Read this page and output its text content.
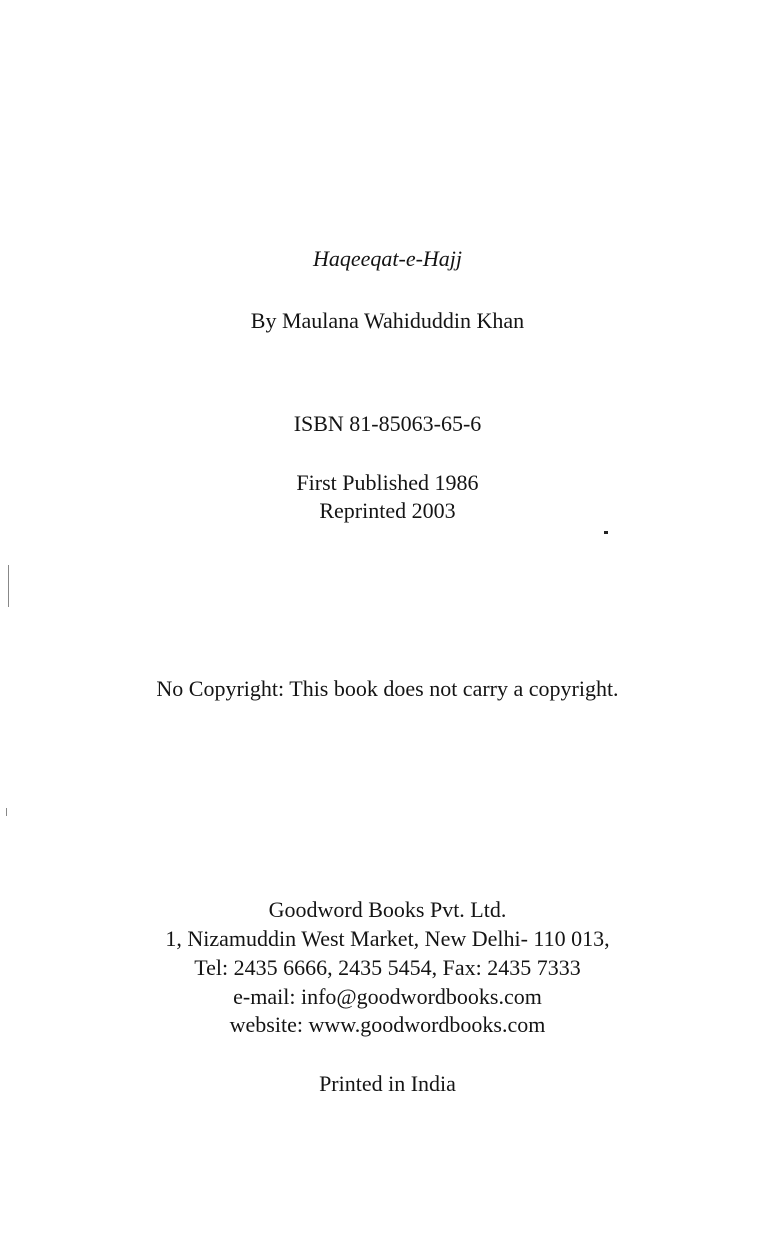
Haqeeqat-e-Hajj
By Maulana Wahiduddin Khan
ISBN 81-85063-65-6
First Published 1986
Reprinted 2003
No Copyright: This book does not carry a copyright.
Goodword Books Pvt. Ltd.
1, Nizamuddin West Market, New Delhi- 110 013,
Tel: 2435 6666, 2435 5454, Fax: 2435 7333
e-mail: info@goodwordbooks.com
website: www.goodwordbooks.com
Printed in India
